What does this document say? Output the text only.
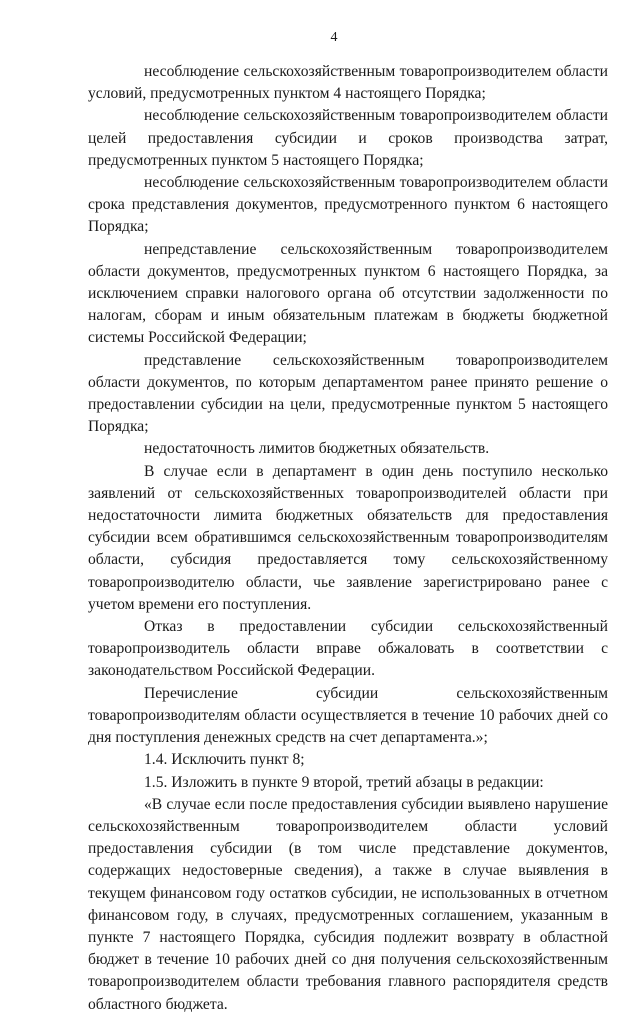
4

несоблюдение сельскохозяйственным товаропроизводителем области условий, предусмотренных пунктом 4 настоящего Порядка;

несоблюдение сельскохозяйственным товаропроизводителем области целей предоставления субсидии и сроков производства затрат, предусмотренных пунктом 5 настоящего Порядка;

несоблюдение сельскохозяйственным товаропроизводителем области срока представления документов, предусмотренного пунктом 6 настоящего Порядка;

непредставление сельскохозяйственным товаропроизводителем области документов, предусмотренных пунктом 6 настоящего Порядка, за исключением справки налогового органа об отсутствии задолженности по налогам, сборам и иным обязательным платежам в бюджеты бюджетной системы Российской Федерации;

представление сельскохозяйственным товаропроизводителем области документов, по которым департаментом ранее принято решение о предоставлении субсидии на цели, предусмотренные пунктом 5 настоящего Порядка;

недостаточность лимитов бюджетных обязательств.

В случае если в департамент в один день поступило несколько заявлений от сельскохозяйственных товаропроизводителей области при недостаточности лимита бюджетных обязательств для предоставления субсидии всем обратившимся сельскохозяйственным товаропроизводителям области, субсидия предоставляется тому сельскохозяйственному товаропроизводителю области, чье заявление зарегистрировано ранее с учетом времени его поступления.

Отказ в предоставлении субсидии сельскохозяйственный товаропроизводитель области вправе обжаловать в соответствии с законодательством Российской Федерации.

Перечисление субсидии сельскохозяйственным товаропроизводителям области осуществляется в течение 10 рабочих дней со дня поступления денежных средств на счет департамента.»;

1.4. Исключить пункт 8;

1.5. Изложить в пункте 9 второй, третий абзацы в редакции:

«В случае если после предоставления субсидии выявлено нарушение сельскохозяйственным товаропроизводителем области условий предоставления субсидии (в том числе представление документов, содержащих недостоверные сведения), а также в случае выявления в текущем финансовом году остатков субсидии, не использованных в отчетном финансовом году, в случаях, предусмотренных соглашением, указанным в пункте 7 настоящего Порядка, субсидия подлежит возврату в областной бюджет в течение 10 рабочих дней со дня получения сельскохозяйственным товаропроизводителем области требования главного распорядителя средств областного бюджета.
